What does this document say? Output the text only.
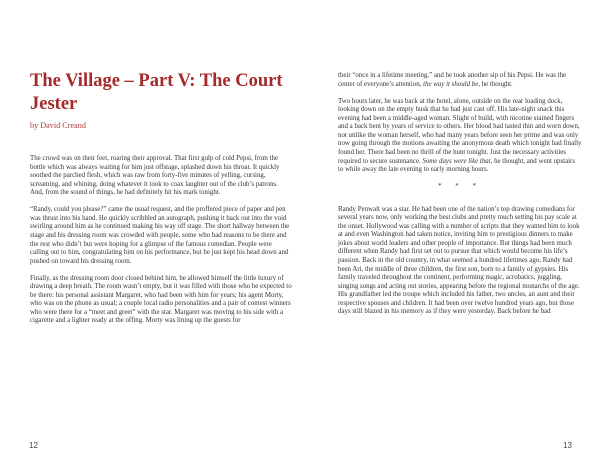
The Village – Part V: The Court Jester
by David Creand

The crowd was on their feet, roaring their approval. That first gulp of cold Pepsi, from the bottle which was always waiting for him just offstage, splashed down his throat. It quickly soothed the parched flesh, which was raw from forty-five minutes of yelling, cursing, screaming, and whining, doing whatever it took to coax laughter out of the club’s patrons. And, from the sound of things, he had definitely hit his mark tonight.

“Randy, could you please?” came the usual request, and the proffered piece of paper and pen was thrust into his hand. He quickly scribbled an autograph, pushing it back out into the void swirling around him as he continued making his way off stage. The short hallway between the stage and his dressing room was crowded with people, some who had reasons to be there and the rest who didn’t but were hoping for a glimpse of the famous comedian. People were calling out to him, congratulating him on his performance, but he just kept his head down and pushed on toward his dressing room.

Finally, as the dressing room door closed behind him, he allowed himself the little luxury of drawing a deep breath. The room wasn’t empty, but it was filled with those who he expected to be there: his personal assistant Margaret, who had been with him for years; his agent Morty, who was on the phone as usual; a couple local radio personalities and a pair of contest winners who were there for a “meet and greet” with the star. Margaret was moving to his side with a cigarette and a lighter ready at the offing. Morty was lining up the guests for

12

their “once in a lifetime meeting,” and he took another sip of his Pepsi. He was the center of everyone’s attention, the way it should be, he thought.

Two hours later, he was back at the hotel, alone, outside on the rear loading dock, looking down on the empty husk that he had just cast off. His late-night snack this evening had been a middle-aged woman. Slight of build, with nicotine stained fingers and a back bent by years of service to others. Her blood had tasted thin and worn down, not unlike the woman herself, who had many years before seen her prime and was only now going through the motions awaiting the anonymous death which tonight had finally found her. There had been no thrill of the hunt tonight. Just the necessary activities required to secure sustenance. Some days were like that, he thought, and went upstairs to while away the late evening to early morning hours.

* * *

Randy Penwalt was a star. He had been one of the nation’s top drawing comedians for several years now, only working the best clubs and pretty much setting his pay scale at the onset. Hollywood was calling with a number of scripts that they wanted him to look at and even Washington had taken notice, inviting him to prestigious dinners to make jokes about world leaders and other people of importance. But things had been much different when Randy had first set out to pursue that which would become his life’s passion. Back in the old country, in what seemed a hundred lifetimes ago, Randy had been Ari, the middle of three children, the first son, born to a family of gypsies. His family traveled throughout the continent, performing magic, acrobatics, juggling, singing songs and acting out stories, appearing before the regional monarchs of the age. His grandfather led the troupe which included his father, two uncles, an aunt and their respective spouses and children. It had been over twelve hundred years ago, but those days still blazed in his memory as if they were yesterday. Back before he had

13
